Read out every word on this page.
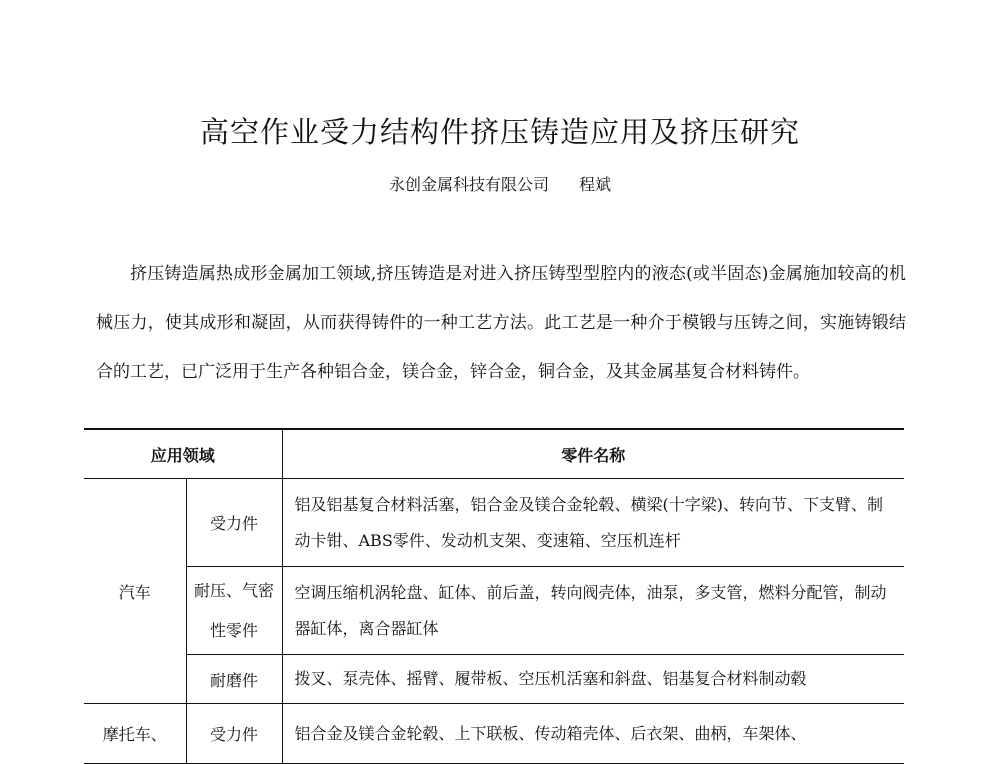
高空作业受力结构件挤压铸造应用及挤压研究
永创金属科技有限公司 程斌

挤压铸造属热成形金属加工领域,挤压铸造是对进入挤压铸型型腔内的液态(或半固态)金属施加较高的机械压力，使其成形和凝固，从而获得铸件的一种工艺方法。此工艺是一种介于模锻与压铸之间，实施铸锻结合的工艺，已广泛用于生产各种铝合金，镁合金，锌合金，铜合金，及其金属基复合材料铸件。

应用领域		零件名称
汽车	受力件	铝及铝基复合材料活塞，铝合金及镁合金轮毂、横梁(十字梁)、转向节、下支臂、制动卡钳、ABS零件、发动机支架、变速箱、空压机连杆
	耐压、气密性零件	空调压缩机涡轮盘、缸体、前后盖，转向阀壳体，油泵，多支管，燃料分配管，制动器缸体，离合器缸体
	耐磨件	拨叉、泵壳体、摇臂、履带板、空压机活塞和斜盘、铝基复合材料制动毂
摩托车、	受力件	铝合金及镁合金轮毂、上下联板、传动箱壳体、后衣架、曲柄，车架体、
